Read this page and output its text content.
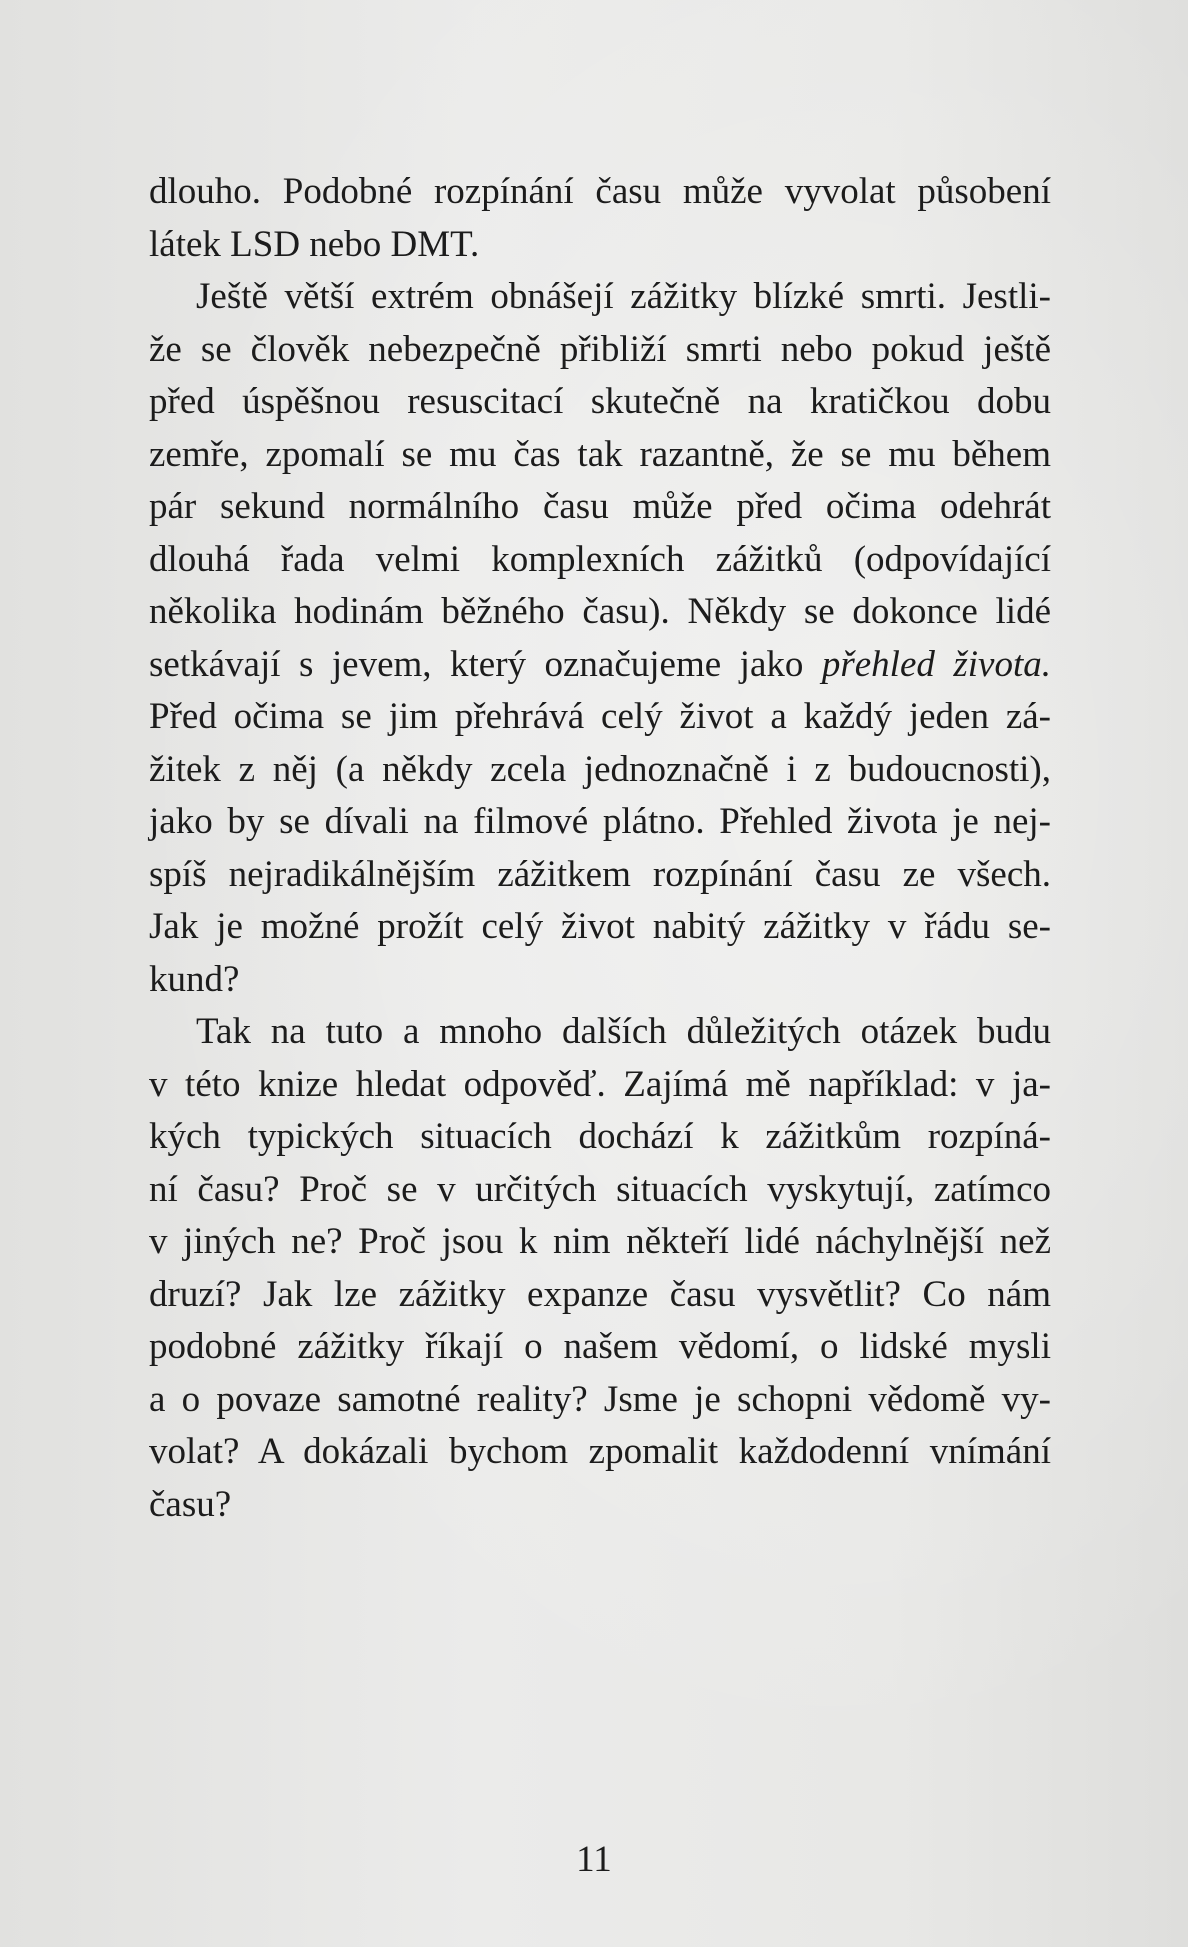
dlouho. Podobné rozpínání času může vyvolat působení
látek LSD nebo DMT.
Ještě větší extrém obnášejí zážitky blízké smrti. Jestli-
že se člověk nebezpečně přibliží smrti nebo pokud ještě
před úspěšnou resuscitací skutečně na kratičkou dobu
zemře, zpomalí se mu čas tak razantně, že se mu během
pár sekund normálního času může před očima odehrát
dlouhá řada velmi komplexních zážitků (odpovídající
několika hodinám běžného času). Někdy se dokonce lidé
setkávají s jevem, který označujeme jako přehled života.
Před očima se jim přehrává celý život a každý jeden zá-
žitek z něj (a někdy zcela jednoznačně i z budoucnosti),
jako by se dívali na filmové plátno. Přehled života je nej-
spíš nejradikálnějším zážitkem rozpínání času ze všech.
Jak je možné prožít celý život nabitý zážitky v řádu se-
kund?
Tak na tuto a mnoho dalších důležitých otázek budu
v této knize hledat odpověď. Zajímá mě například: v ja-
kých typických situacích dochází k zážitkům rozpíná-
ní času? Proč se v určitých situacích vyskytují, zatímco
v jiných ne? Proč jsou k nim někteří lidé náchylnější než
druzí? Jak lze zážitky expanze času vysvětlit? Co nám
podobné zážitky říkají o našem vědomí, o lidské mysli
a o povaze samotné reality? Jsme je schopni vědomě vy-
volat? A dokázali bychom zpomalit každodenní vnímání
času?
11
